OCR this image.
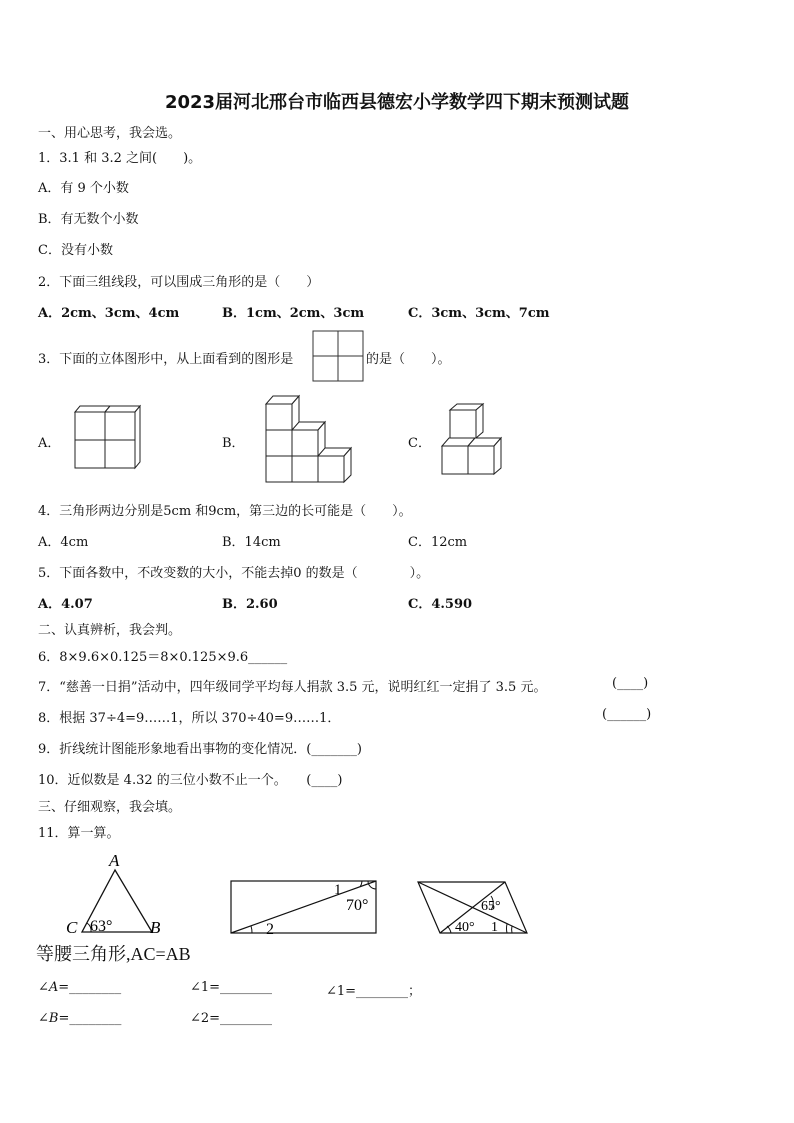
2023届河北邢台市临西县德宏小学数学四下期末预测试题
一、用心思考，我会选。
1．3.1 和 3.2 之间(　　)。
A．有 9 个小数
B．有无数个小数
C．没有小数
2．下面三组线段，可以围成三角形的是（　　）
A．2cm、3cm、4cm	B．1cm、2cm、3cm	C．3cm、3cm、7cm
3．下面的立体图形中，从上面看到的图形是	的是（　　）。
A．	B．	C．
4．三角形两边分别是5cm 和9cm，第三边的长可能是（　　）。
A．4cm	B．14cm	C．12cm
5．下面各数中，不改变数的大小，不能去掉0 的数是（　　　　）。
A．4.07	B．2.60	C．4.590
二、认真辨析，我会判。
6．8×9.6×0.125＝8×0.125×9.6______
7．“慈善一日捐”活动中，四年级同学平均每人捐款 3.5 元，说明红红一定捐了 3.5 元。	(____)
8．根据 37÷4=9……1，所以 370÷40=9……1．	(______)
9．折线统计图能形象地看出事物的变化情况．(_______)
10．近似数是 4.32 的三位小数不止一个。　　(____)
三、仔细观察，我会填。
11．算一算。
A
C 63° B
等腰三角形,AC=AB
1
70°
2
65°
40° 1
∠A=________	∠1=________	∠1=________；
∠B=________	∠2=________
